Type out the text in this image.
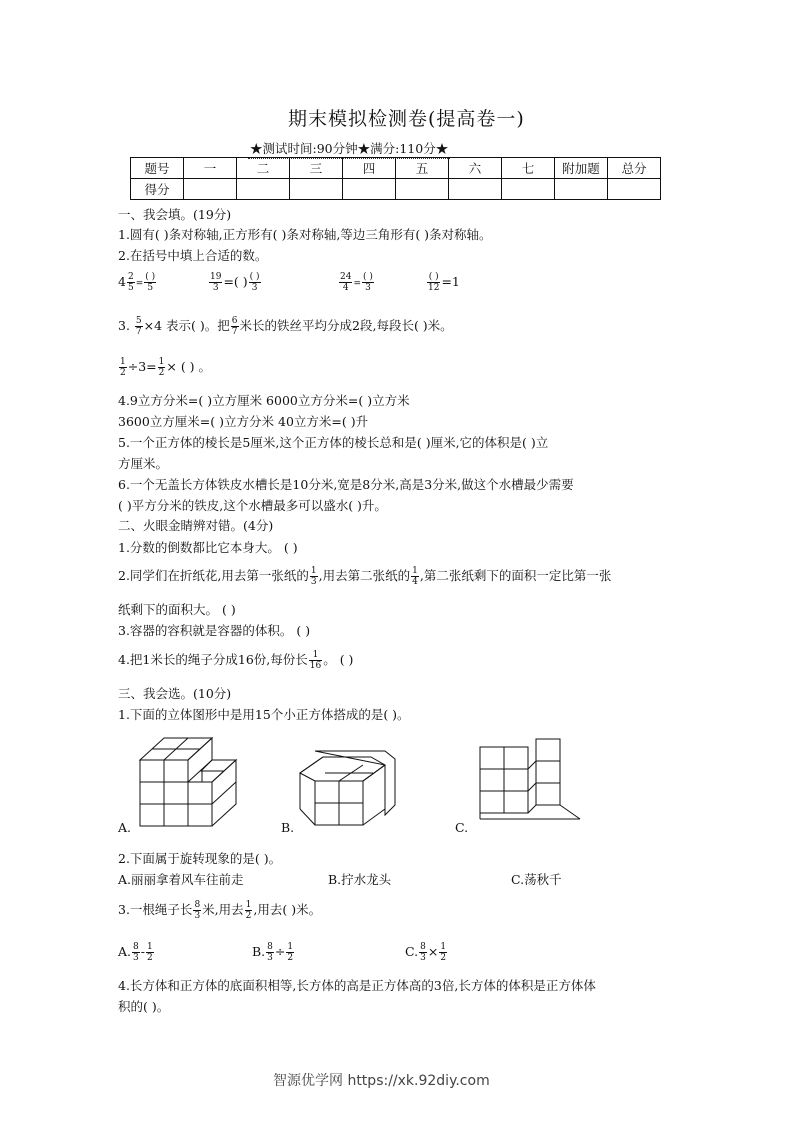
期末模拟检测卷(提高卷一)
★测试时间:90分钟★满分:110分★
题号	一	二	三	四	五	六	七	附加题	总分
得分									
一、我会填。(19分)
1.圆有( )条对称轴,正方形有( )条对称轴,等边三角形有( )条对称轴。
2.在括号中填上合适的数。
$4 \frac{2}{5} = \frac{( )}{5}$	$\frac{19}{3}$ =( ) $\frac{( )}{3}$	$\frac{24}{4} = \frac{( )}{3}$	$\frac{( )}{12} =1$
3. $\frac{5}{7} \times 4$ 表示( )。把 $\frac{6}{7}$ 米长的铁丝平均分成2段,每段长( )米。
$\frac{1}{2} \div 3= \frac{1}{2}$ × ( ) 。
4.9立方分米=( )立方厘米 6000立方分米=( )立方米
3600立方厘米=( )立方分米 40立方米=( )升
5.一个正方体的棱长是5厘米,这个正方体的棱长总和是( )厘米,它的体积是( )立
方厘米。
6.一个无盖长方体铁皮水槽长是10分米,宽是8分米,高是3分米,做这个水槽最少需要
( )平方分米的铁皮,这个水槽最多可以盛水( )升。
二、火眼金睛辨对错。(4分)
1.分数的倒数都比它本身大。 ( )
2.同学们在折纸花,用去第一张纸的 $\frac{1}{3}$ ,用去第二张纸的 $\frac{1}{4}$ ,第二张纸剩下的面积一定比第一张
纸剩下的面积大。 ( )
3.容器的容积就是容器的体积。 ( )
4.把1米长的绳子分成16份,每份长 $\frac{1}{16}$ 。 ( )
三、我会选。(10分)
1.下面的立体图形中是用15个小正方体搭成的是( )。
A.	B.	C.
2.下面属于旋转现象的是( )。
A.丽丽拿着风车往前走	B.拧水龙头	C.荡秋千
3.一根绳子长 $\frac{8}{3}$ 米,用去 $\frac{1}{2}$ ,用去( )米。
A. $\frac{8}{3} - \frac{1}{2}$	B. $\frac{8}{3} \div \frac{1}{2}$	C. $\frac{8}{3} \times \frac{1}{2}$
4.长方体和正方体的底面积相等,长方体的高是正方体高的3倍,长方体的体积是正方体体
积的( )。
智源优学网 https://xk.92diy.com
